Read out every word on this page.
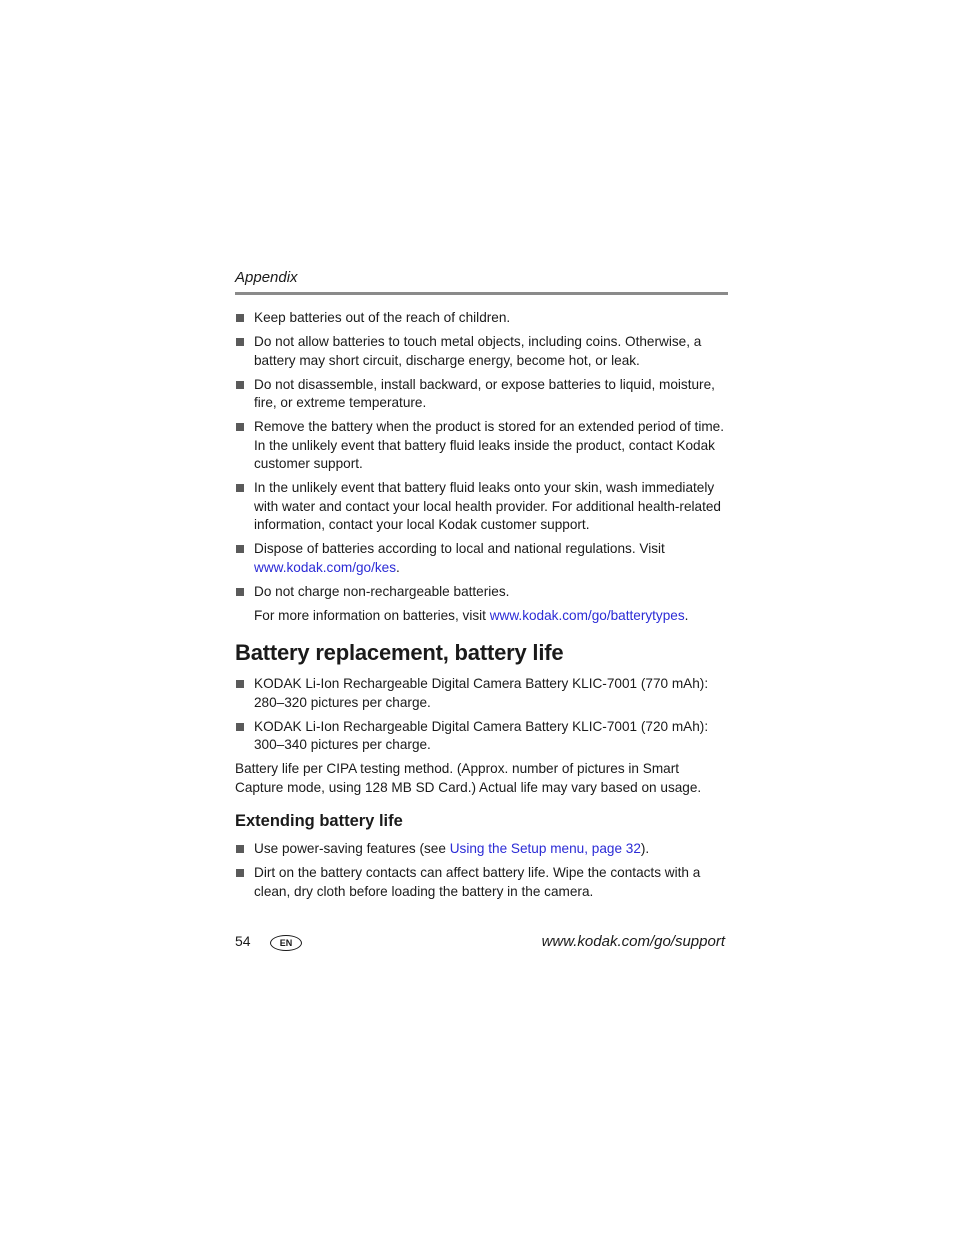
Appendix

Keep batteries out of the reach of children.
Do not allow batteries to touch metal objects, including coins. Otherwise, a battery may short circuit, discharge energy, become hot, or leak.
Do not disassemble, install backward, or expose batteries to liquid, moisture, fire, or extreme temperature.
Remove the battery when the product is stored for an extended period of time. In the unlikely event that battery fluid leaks inside the product, contact Kodak customer support.
In the unlikely event that battery fluid leaks onto your skin, wash immediately with water and contact your local health provider. For additional health-related information, contact your local Kodak customer support.
Dispose of batteries according to local and national regulations. Visit
www.kodak.com/go/kes.
Do not charge non-rechargeable batteries.

For more information on batteries, visit www.kodak.com/go/batterytypes.

Battery replacement, battery life
KODAK Li-Ion Rechargeable Digital Camera Battery KLIC-7001 (770 mAh):
280–320 pictures per charge.
KODAK Li-Ion Rechargeable Digital Camera Battery KLIC-7001 (720 mAh):
300–340 pictures per charge.

Battery life per CIPA testing method. (Approx. number of pictures in Smart Capture mode, using 128 MB SD Card.) Actual life may vary based on usage.

Extending battery life
Use power-saving features (see Using the Setup menu, page 32).
Dirt on the battery contacts can affect battery life. Wipe the contacts with a clean, dry cloth before loading the battery in the camera.
54	EN	www.kodak.com/go/support
